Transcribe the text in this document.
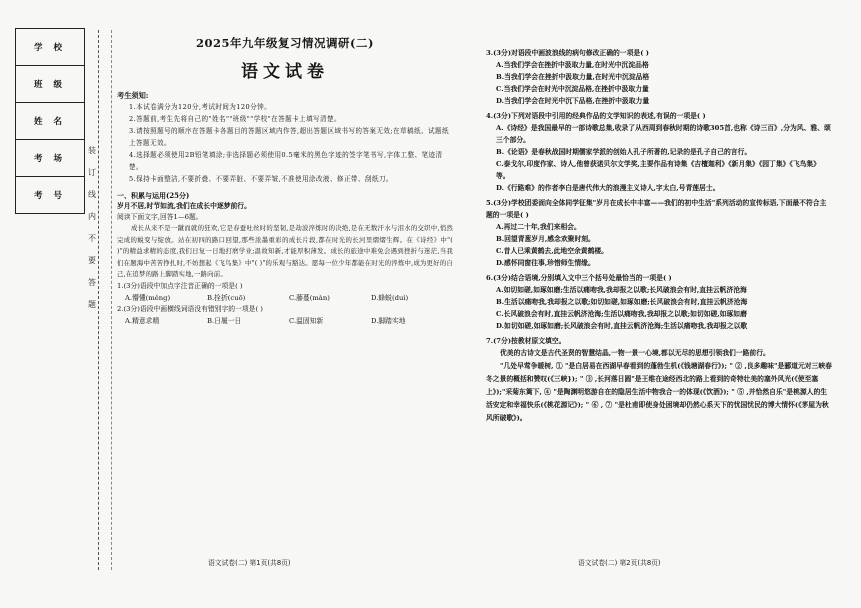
学 校
班 级
姓 名
考 场
考 号
装
订
线
内
不
要
答
题
2025年九年级复习情况调研(二)
语文试卷
考生须知:
1.本试卷满分为120分,考试时间为120分钟。
2.答题前,考生先将自己的"姓名""班级""学校"在答题卡上填写清楚。
3.请按照题号的顺序在答题卡各题目的答题区域内作答,超出答题区域书写的答案无效;在草稿纸、试题纸上答题无效。
4.选择题必须使用2B铅笔填涂;非选择题必须使用0.5毫米的黑色字迹的签字笔书写,字体工整、笔迹清楚。
5.保持卡面整洁,不要折叠、不要弄脏、不要弄皱,不准使用涂改液、修正带、刮纸刀。
一、积累与运用(25分)
岁月不居,时节如流,我们在成长中逐梦前行。
阅读下面文字,回答1—6题。
成长从来不是一蹴而就的狂欢,它是春蚕吐丝时的坚韧,是劫波淬炼时的决绝,是在无数汗水与泪水的交织中,悄然完成的蜕变与绽放。站在初四的路口回望,那些浓墨重彩的成长片段,都在时光的长河里熠熠生辉。在《诗经》中"( )"的精益求精的态度,我们日复一日地打磨学业;温故知新,才能厚积薄发。成长的旅途中难免会遇到挫折与迷茫,当我们在题海中苦苦挣扎时,不妨想起《飞鸟集》中"( )"的乐观与豁达。愿每一位少年都能在时光的淬炼中,成为更好的自己,在追梦的路上脚踏实地,一路向前。
1.(3分)语段中加点字注音正确的一项是( )
A.懵懂(měng)	B.拴折(cuō)	C.藤蔓(màn)	D.蜂蜕(duì)
2.(3分)语段中画横线词语没有错别字的一项是( )
A.精意求精	B.日履一日	C.温固知新	D.脚踏实地
语文试卷(二) 第1页(共8页)
3.(3分)对语段中画波浪线的病句修改正确的一项是( )
A.当我们学会在挫折中汲取力量,在时光中沉淀品格
B.当我们学会在挫折中汲取力量,在时光中沉淀品格
C.当我们学会在时光中沉淀品格,在挫折中汲取力量
D.当我们学会在时光中沉下品格,在挫折中汲取力量
4.(3分)下列对语段中引用的经典作品的文学知识的表述,有误的一项是( )
A.《诗经》是我国最早的一部诗歌总集,收录了从西周到春秋时期的诗歌305首,也称《诗三百》,分为风、雅、颂三个部分。
B.《论语》是春秋战国时期儒家学派的创始人孔子所著的,记录的是孔子自己的言行。
C.泰戈尔,印度作家、诗人,他曾获诺贝尔文学奖,主要作品有诗集《吉檀迦利》《新月集》《园丁集》《飞鸟集》等。
D.《行路难》的作者李白是唐代伟大的浪漫主义诗人,字太白,号青莲居士。
5.(3分)学校团委面向全体同学征集"岁月在成长中丰富——我们的初中生活"系列活动的宣传标语,下面最不符合主题的一项是( )
A.再过二十年,我们来相会。
B.回望青葱岁月,感念欢聚时刻。
C.昔人已乘黄鹤去,此地空余黄鹤楼。
D.感怀同窗往事,珍惜师生情缘。
6.(3分)结合语境,分别填入文中三个括号处最恰当的一项是( )
A.如切如磋,如琢如磨;生活以痛吻我,我却报之以歌;长风破浪会有时,直挂云帆济沧海
B.生活以痛吻我,我却报之以歌;如切如磋,如琢如磨;长风破浪会有时,直挂云帆济沧海
C.长风破浪会有时,直挂云帆济沧海;生活以痛吻我,我却报之以歌;如切如磋,如琢如磨
D.如切如磋,如琢如磨;长风破浪会有时,直挂云帆济沧海;生活以痛吻我,我却报之以歌
7.(7分)按教材原文填空。
优美的古诗文是古代圣贤的智慧结晶,一物一景一心境,都以无尽的思想引领我们一路前行。
"几处早莺争暖树, ① "是白居易在西湖早春看到的蓬勃生机(《钱塘湖春行》); " ② ,良多趣味"是郦道元对三峡春冬之景的概括和赞叹(《三峡}); " ③ ,长河落日圆"是王维在途经西北的路上看到的奇特壮美的塞外风光(《使至塞上》);"采菊东篱下, ④ "是陶渊明悠游自在的隐居生活中物我合一的体现(《饮酒》); " ⑤ ,并恰然自乐"是桃源人的生活安定和幸福快乐(《桃花源记》); " ⑥ , ⑦ "是杜甫即使身处困境却仍然心系天下的忧国忧民的博大情怀(《茅屋为秋风所破歌》)。
语文试卷(二) 第2页(共8页)
